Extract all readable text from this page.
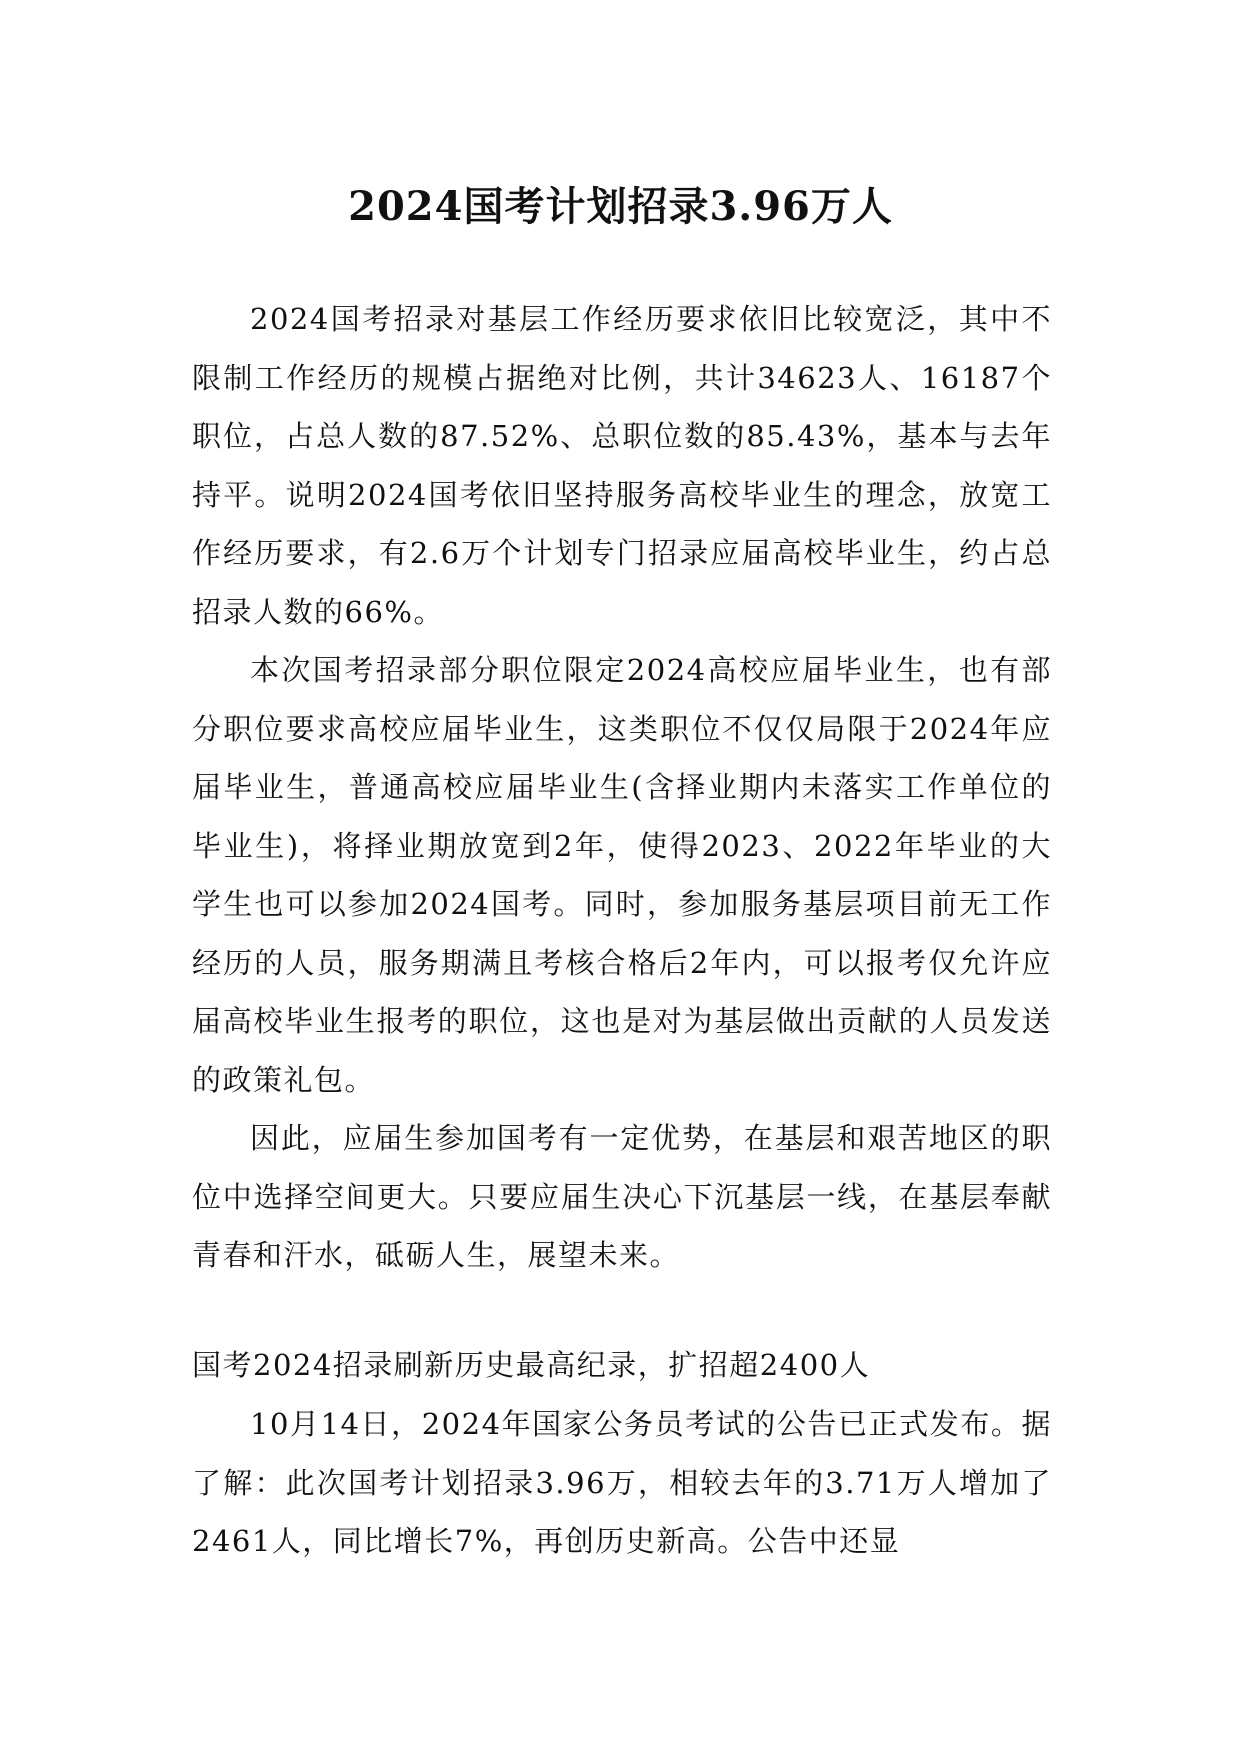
2024国考计划招录3.96万人

2024国考招录对基层工作经历要求依旧比较宽泛，其中不限制工作经历的规模占据绝对比例，共计34623人、16187个职位，占总人数的87.52%、总职位数的85.43%，基本与去年持平。说明2024国考依旧坚持服务高校毕业生的理念，放宽工作经历要求，有2.6万个计划专门招录应届高校毕业生，约占总招录人数的66%。

本次国考招录部分职位限定2024高校应届毕业生，也有部分职位要求高校应届毕业生，这类职位不仅仅局限于2024年应届毕业生，普通高校应届毕业生(含择业期内未落实工作单位的毕业生)，将择业期放宽到2年，使得2023、2022年毕业的大学生也可以参加2024国考。同时，参加服务基层项目前无工作经历的人员，服务期满且考核合格后2年内，可以报考仅允许应届高校毕业生报考的职位，这也是对为基层做出贡献的人员发送的政策礼包。

因此，应届生参加国考有一定优势，在基层和艰苦地区的职位中选择空间更大。只要应届生决心下沉基层一线，在基层奉献青春和汗水，砥砺人生，展望未来。

国考2024招录刷新历史最高纪录，扩招超2400人

10月14日，2024年国家公务员考试的公告已正式发布。据了解：此次国考计划招录3.96万，相较去年的3.71万人增加了2461人，同比增长7%，再创历史新高。公告中还显
